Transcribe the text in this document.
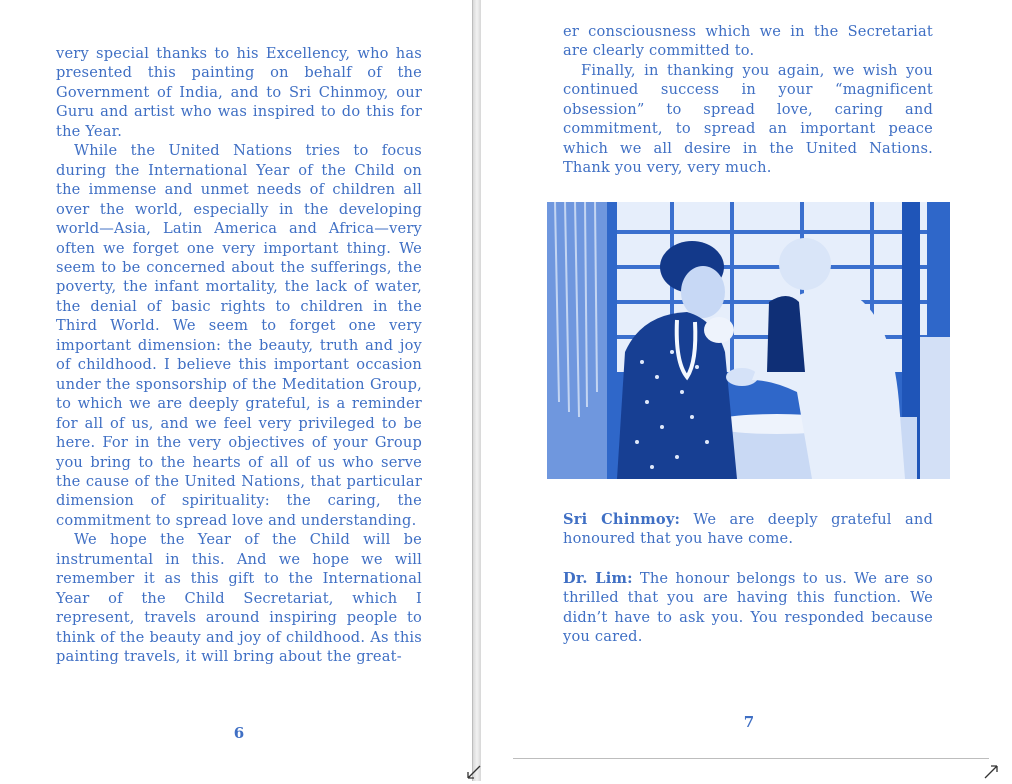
very special thanks to his Excellency, who has presented this painting on behalf of the Government of India, and to Sri Chinmoy, our Guru and artist who was inspired to do this for the Year.

While the United Nations tries to focus during the International Year of the Child on the immense and unmet needs of children all over the world, especially in the developing world—Asia, Latin America and Africa—very often we forget one very important thing. We seem to be concerned about the sufferings, the poverty, the infant mortality, the lack of water, the denial of basic rights to children in the Third World. We seem to forget one very important dimension: the beauty, truth and joy of childhood. I believe this important occasion under the sponsorship of the Meditation Group, to which we are deeply grateful, is a reminder for all of us, and we feel very privileged to be here. For in the very objectives of your Group you bring to the hearts of all of us who serve the cause of the United Nations, that particular dimension of spirituality: the caring, the commitment to spread love and understanding.

We hope the Year of the Child will be instrumental in this. And we hope we will remember it as this gift to the International Year of the Child Secretariat, which I represent, travels around inspiring people to think of the beauty and joy of childhood. As this painting travels, it will bring about the great-

6

er consciousness which we in the Secretariat are clearly committed to.

Finally, in thanking you again, we wish you continued success in your “magnificent obsession” to spread love, caring and commitment, to spread an important peace which we all desire in the United Nations. Thank you very, very much.

Sri Chinmoy: We are deeply grateful and honoured that you have come.

Dr. Lim: The honour belongs to us. We are so thrilled that you are having this function. We didn’t have to ask you. You responded because you cared.

7
